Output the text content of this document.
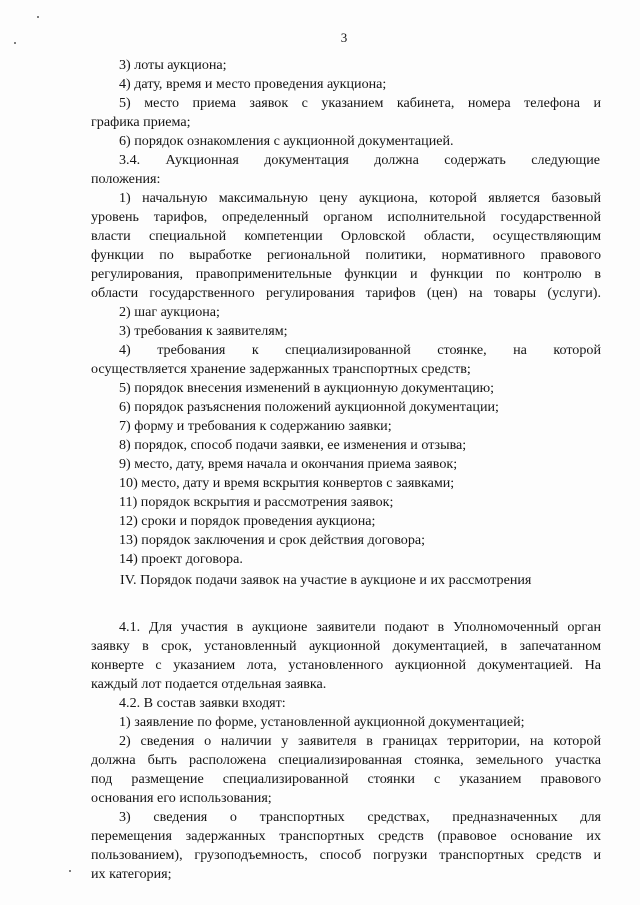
3
3) лоты аукциона;
4) дату, время и место проведения аукциона;
5) место приема заявок с указанием кабинета, номера телефона и
графика приема;
6) порядок ознакомления с аукционной документацией.
3.4. Аукционная документация должна содержать следующие
положения:
1) начальную максимальную цену аукциона, которой является базовый
уровень тарифов, определенный органом исполнительной государственной
власти специальной компетенции Орловской области, осуществляющим
функции по выработке региональной политики, нормативного правового
регулирования, правоприменительные функции и функции по контролю в
области государственного регулирования тарифов (цен) на товары (услуги).
2) шаг аукциона;
3) требования к заявителям;
4) требования к специализированной стоянке, на которой
осуществляется хранение задержанных транспортных средств;
5) порядок внесения изменений в аукционную документацию;
6) порядок разъяснения положений аукционной документации;
7) форму и требования к содержанию заявки;
8) порядок, способ подачи заявки, ее изменения и отзыва;
9) место, дату, время начала и окончания приема заявок;
10) место, дату и время вскрытия конвертов с заявками;
11) порядок вскрытия и рассмотрения заявок;
12) сроки и порядок проведения аукциона;
13) порядок заключения и срок действия договора;
14) проект договора.
IV. Порядок подачи заявок на участие в аукционе и их рассмотрения
4.1. Для участия в аукционе заявители подают в Уполномоченный орган
заявку в срок, установленный аукционной документацией, в запечатанном
конверте с указанием лота, установленного аукционной документацией. На
каждый лот подается отдельная заявка.
4.2. В состав заявки входят:
1) заявление по форме, установленной аукционной документацией;
2) сведения о наличии у заявителя в границах территории, на которой
должна быть расположена специализированная стоянка, земельного участка
под размещение специализированной стоянки с указанием правового
основания его использования;
3) сведения о транспортных средствах, предназначенных для
перемещения задержанных транспортных средств (правовое основание их
пользованием), грузоподъемность, способ погрузки транспортных средств и
их категория;
